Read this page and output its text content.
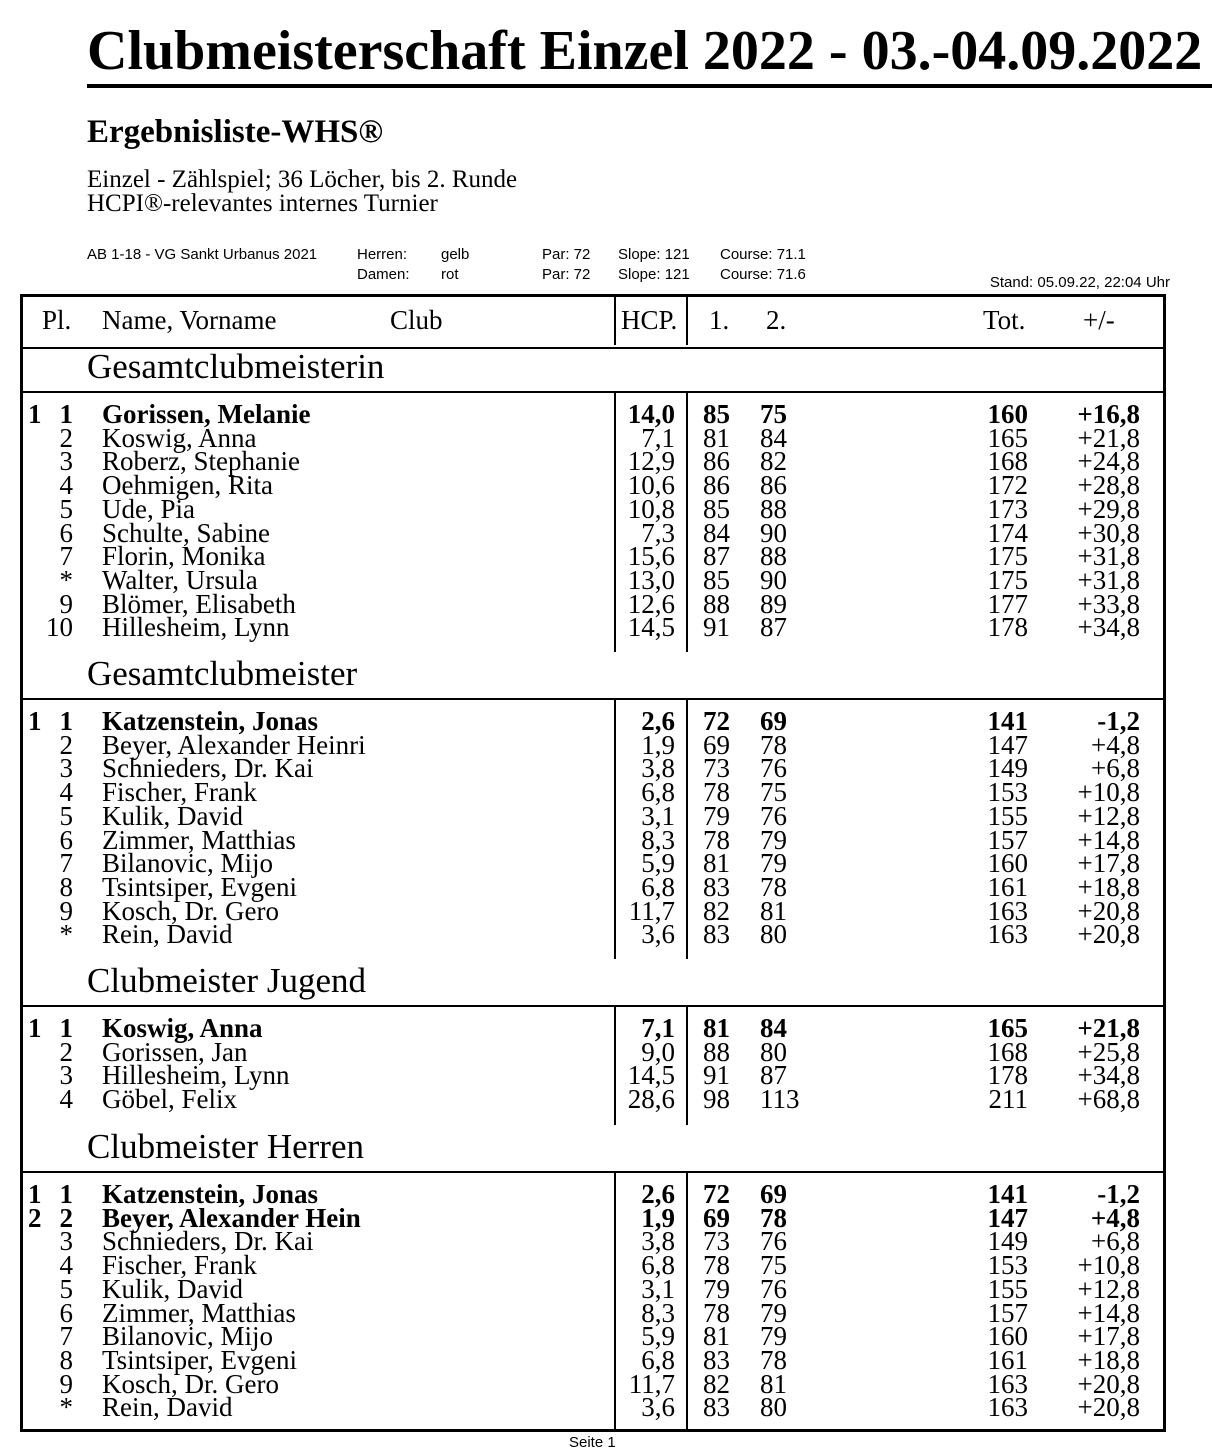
Clubmeisterschaft Einzel 2022 - 03.-04.09.2022
Ergebnisliste-WHS®
Einzel - Zählspiel; 36 Löcher, bis 2. Runde
HCPI®-relevantes internes Turnier
AB 1-18 - VG Sankt Urbanus 2021	Herren: gelb	Par: 72 Slope: 121 Course: 71.1
Damen: rot	Par: 72 Slope: 121 Course: 71.6	Stand: 05.09.22, 22:04 Uhr
Pl. Name, Vorname	Club	HCP. 1. 2.	Tot. +/-
Gesamtclubmeisterin
1 1 Gorissen, Melanie	14,0 85 75	160	+16,8
2 Koswig, Anna	7,1 81 84	165	+21,8
3 Roberz, Stephanie	12,9 86 82	168	+24,8
4 Oehmigen, Rita	10,6 86 86	172	+28,8
5 Ude, Pia	10,8 85 88	173	+29,8
6 Schulte, Sabine	7,3 84 90	174	+30,8
7 Florin, Monika	15,6 87 88	175	+31,8
* Walter, Ursula	13,0 85 90	175	+31,8
9 Blömer, Elisabeth	12,6 88 89	177	+33,8
10 Hillesheim, Lynn	14,5 91 87	178	+34,8
Gesamtclubmeister
1 1 Katzenstein, Jonas	2,6 72 69	141	-1,2
2 Beyer, Alexander Heinri	1,9 69 78	147	+4,8
3 Schnieders, Dr. Kai	3,8 73 76	149	+6,8
4 Fischer, Frank	6,8 78 75	153	+10,8
5 Kulik, David	3,1 79 76	155	+12,8
6 Zimmer, Matthias	8,3 78 79	157	+14,8
7 Bilanovic, Mijo	5,9 81 79	160	+17,8
8 Tsintsiper, Evgeni	6,8 83 78	161	+18,8
9 Kosch, Dr. Gero	11,7 82 81	163	+20,8
* Rein, David	3,6 83 80	163	+20,8
Clubmeister Jugend
1 1 Koswig, Anna	7,1 81 84	165	+21,8
2 Gorissen, Jan	9,0 88 80	168	+25,8
3 Hillesheim, Lynn	14,5 91 87	178	+34,8
4 Göbel, Felix	28,6 98 113	211	+68,8
Clubmeister Herren
1 1 Katzenstein, Jonas	2,6 72 69	141	-1,2
2 2 Beyer, Alexander Hein	1,9 69 78	147	+4,8
3 Schnieders, Dr. Kai	3,8 73 76	149	+6,8
4 Fischer, Frank	6,8 78 75	153	+10,8
5 Kulik, David	3,1 79 76	155	+12,8
6 Zimmer, Matthias	8,3 78 79	157	+14,8
7 Bilanovic, Mijo	5,9 81 79	160	+17,8
8 Tsintsiper, Evgeni	6,8 83 78	161	+18,8
9 Kosch, Dr. Gero	11,7 82 81	163	+20,8
* Rein, David	3,6 83 80	163	+20,8
Seite 1
